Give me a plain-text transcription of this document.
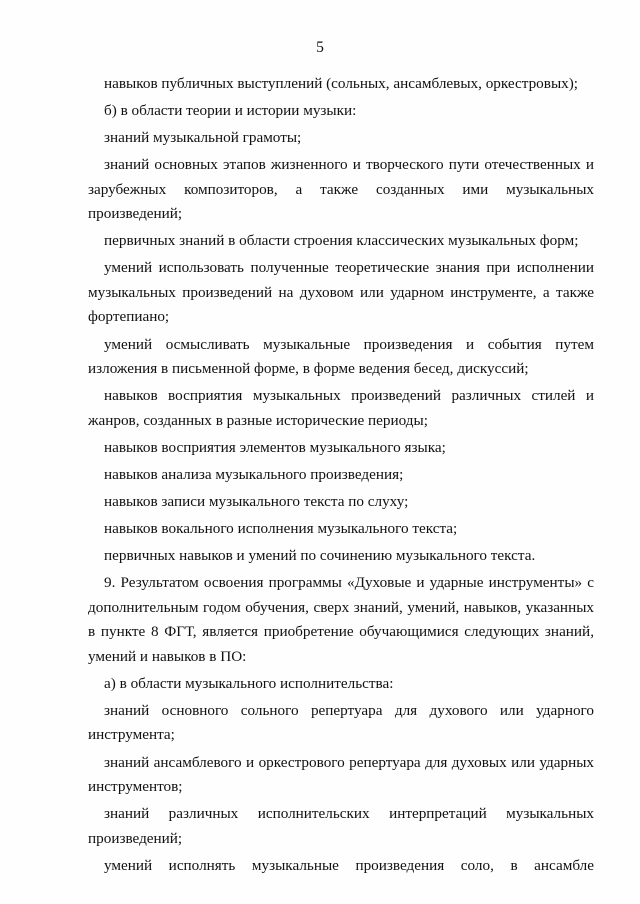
5

навыков публичных выступлений (сольных, ансамблевых, оркестровых);

б) в области теории и истории музыки:

знаний музыкальной грамоты;

знаний основных этапов жизненного и творческого пути отечественных и зарубежных композиторов, а также созданных ими музыкальных произведений;

первичных знаний в области строения классических музыкальных форм;

умений использовать полученные теоретические знания при исполнении музыкальных произведений на духовом или ударном инструменте, а также фортепиано;

умений осмысливать музыкальные произведения и события путем изложения в письменной форме, в форме ведения бесед, дискуссий;

навыков восприятия музыкальных произведений различных стилей и жанров, созданных в разные исторические периоды;

навыков восприятия элементов музыкального языка;

навыков анализа музыкального произведения;

навыков записи музыкального текста по слуху;

навыков вокального исполнения музыкального текста;

первичных навыков и умений по сочинению музыкального текста.

9. Результатом освоения программы «Духовые и ударные инструменты» с дополнительным годом обучения, сверх знаний, умений, навыков, указанных в пункте 8 ФГТ, является приобретение обучающимися следующих знаний, умений и навыков в ПО:

а) в области музыкального исполнительства:

знаний основного сольного репертуара для духового или ударного инструмента;

знаний ансамблевого и оркестрового репертуара для духовых или ударных инструментов;

знаний различных исполнительских интерпретаций музыкальных произведений;

умений исполнять музыкальные произведения соло, в ансамбле
